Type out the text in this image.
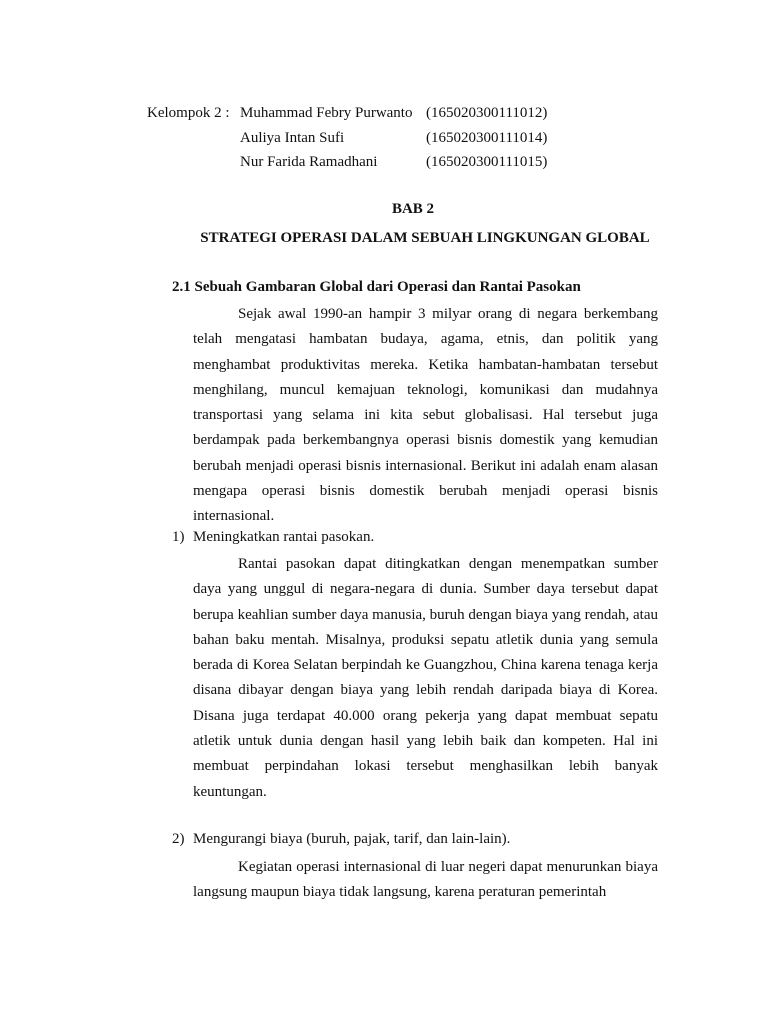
Kelompok 2 : Muhammad Febry Purwanto (165020300111012)
Auliya Intan Sufi	(165020300111014)
Nur Farida Ramadhani	(165020300111015)
BAB 2
STRATEGI OPERASI DALAM SEBUAH LINGKUNGAN GLOBAL
2.1 Sebuah Gambaran Global dari Operasi dan Rantai Pasokan

Sejak awal 1990-an hampir 3 milyar orang di negara berkembang telah mengatasi hambatan budaya, agama, etnis, dan politik yang menghambat produktivitas mereka. Ketika hambatan-hambatan tersebut menghilang, muncul kemajuan teknologi, komunikasi dan mudahnya transportasi yang selama ini kita sebut globalisasi. Hal tersebut juga berdampak pada berkembangnya operasi bisnis domestik yang kemudian berubah menjadi operasi bisnis internasional. Berikut ini adalah enam alasan mengapa operasi bisnis domestik berubah menjadi operasi bisnis internasional.

1) Meningkatkan rantai pasokan.

Rantai pasokan dapat ditingkatkan dengan menempatkan sumber daya yang unggul di negara-negara di dunia. Sumber daya tersebut dapat berupa keahlian sumber daya manusia, buruh dengan biaya yang rendah, atau bahan baku mentah. Misalnya, produksi sepatu atletik dunia yang semula berada di Korea Selatan berpindah ke Guangzhou, China karena tenaga kerja disana dibayar dengan biaya yang lebih rendah daripada biaya di Korea. Disana juga terdapat 40.000 orang pekerja yang dapat membuat sepatu atletik untuk dunia dengan hasil yang lebih baik dan kompeten. Hal ini membuat perpindahan lokasi tersebut menghasilkan lebih banyak keuntungan.

2) Mengurangi biaya (buruh, pajak, tarif, dan lain-lain).

Kegiatan operasi internasional di luar negeri dapat menurunkan biaya langsung maupun biaya tidak langsung, karena peraturan pemerintah
